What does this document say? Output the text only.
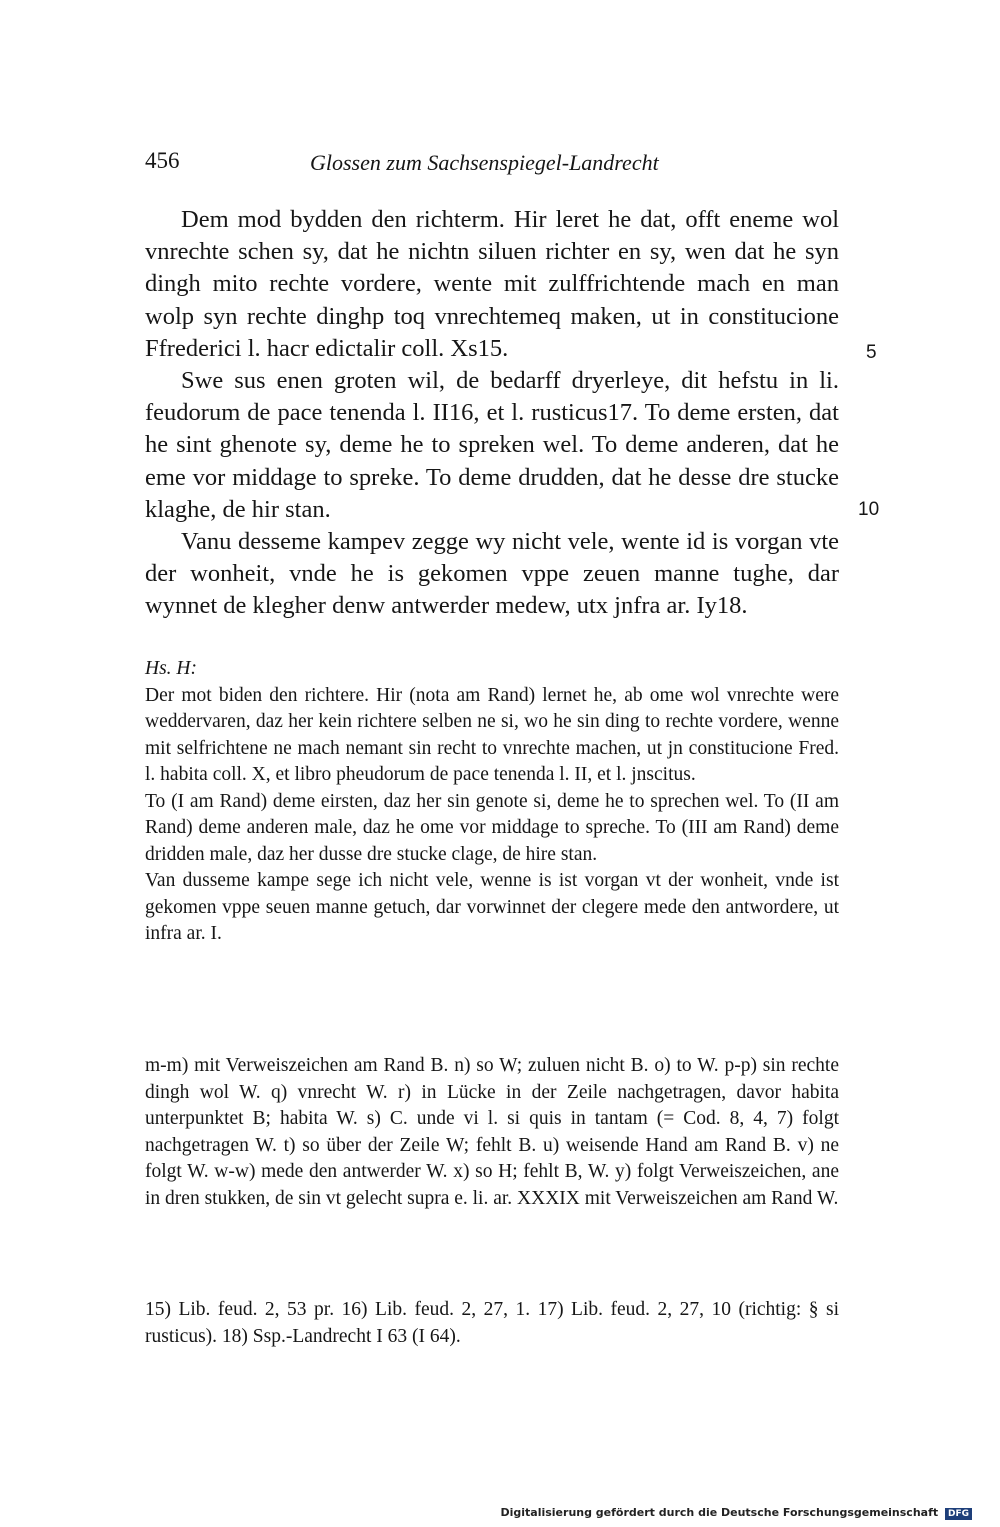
456	Glossen zum Sachsenspiegel-Landrecht

Dem mod bydden den richterm. Hir leret he dat, offt eneme wol vnrechte schen sy, dat he nichtn siluen richter en sy, wen dat he syn dingh mito rechte vordere, wente mit zulffrichtende mach en man wolp syn rechte dinghp toq vnrechtemeq maken, ut in constitucione Ffrederici l. hacr edictalir coll. Xs15.

Swe sus enen groten wil, de bedarff dryerleye, dit hefstu in li. feudorum de pace tenenda l. II16, et l. rusticus17. To deme ersten, dat he sint ghenote sy, deme he to spreken wel. To deme anderen, dat he eme vor middage to spreke. To deme drudden, dat he desse dre stucke klaghe, de hir stan.

Vanu desseme kampev zegge wy nicht vele, wente id is vorgan vte der wonheit, vnde he is gekomen vppe zeuen manne tughe, dar wynnet de klegher denw antwerder medew, utx jnfra ar. Iy18.

5
10

Hs. H:

Der mot biden den richtere. Hir (nota am Rand) lernet he, ab ome wol vnrechte were weddervaren, daz her kein richtere selben ne si, wo he sin ding to rechte vordere, wenne mit selfrichtene ne mach nemant sin recht to vnrechte machen, ut jn constitucione Fred. l. habita coll. X, et libro pheudorum de pace tenenda l. II, et l. jnscitus.

To (I am Rand) deme eirsten, daz her sin genote si, deme he to sprechen wel. To (II am Rand) deme anderen male, daz he ome vor middage to spreche. To (III am Rand) deme dridden male, daz her dusse dre stucke clage, de hire stan.

Van dusseme kampe sege ich nicht vele, wenne is ist vorgan vt der wonheit, vnde ist gekomen vppe seuen manne getuch, dar vorwinnet der clegere mede den antwordere, ut infra ar. I.

m-m) mit Verweiszeichen am Rand B. n) so W; zuluen nicht B. o) to W. p-p) sin rechte dingh wol W. q) vnrecht W. r) in Lücke in der Zeile nachgetragen, davor habita unterpunktet B; habita W. s) C. unde vi l. si quis in tantam (= Cod. 8, 4, 7) folgt nachgetragen W. t) so über der Zeile W; fehlt B. u) weisende Hand am Rand B. v) ne folgt W. w-w) mede den antwerder W. x) so H; fehlt B, W. y) folgt Verweiszeichen, ane in dren stukken, de sin vt gelecht supra e. li. ar. XXXIX mit Verweiszeichen am Rand W.
15) Lib. feud. 2, 53 pr. 16) Lib. feud. 2, 27, 1. 17) Lib. feud. 2, 27, 10 (richtig: § si rusticus). 18) Ssp.-Landrecht I 63 (I 64).
Digitalisierung gefördert durch die Deutsche Forschungsgemeinschaft DFG
